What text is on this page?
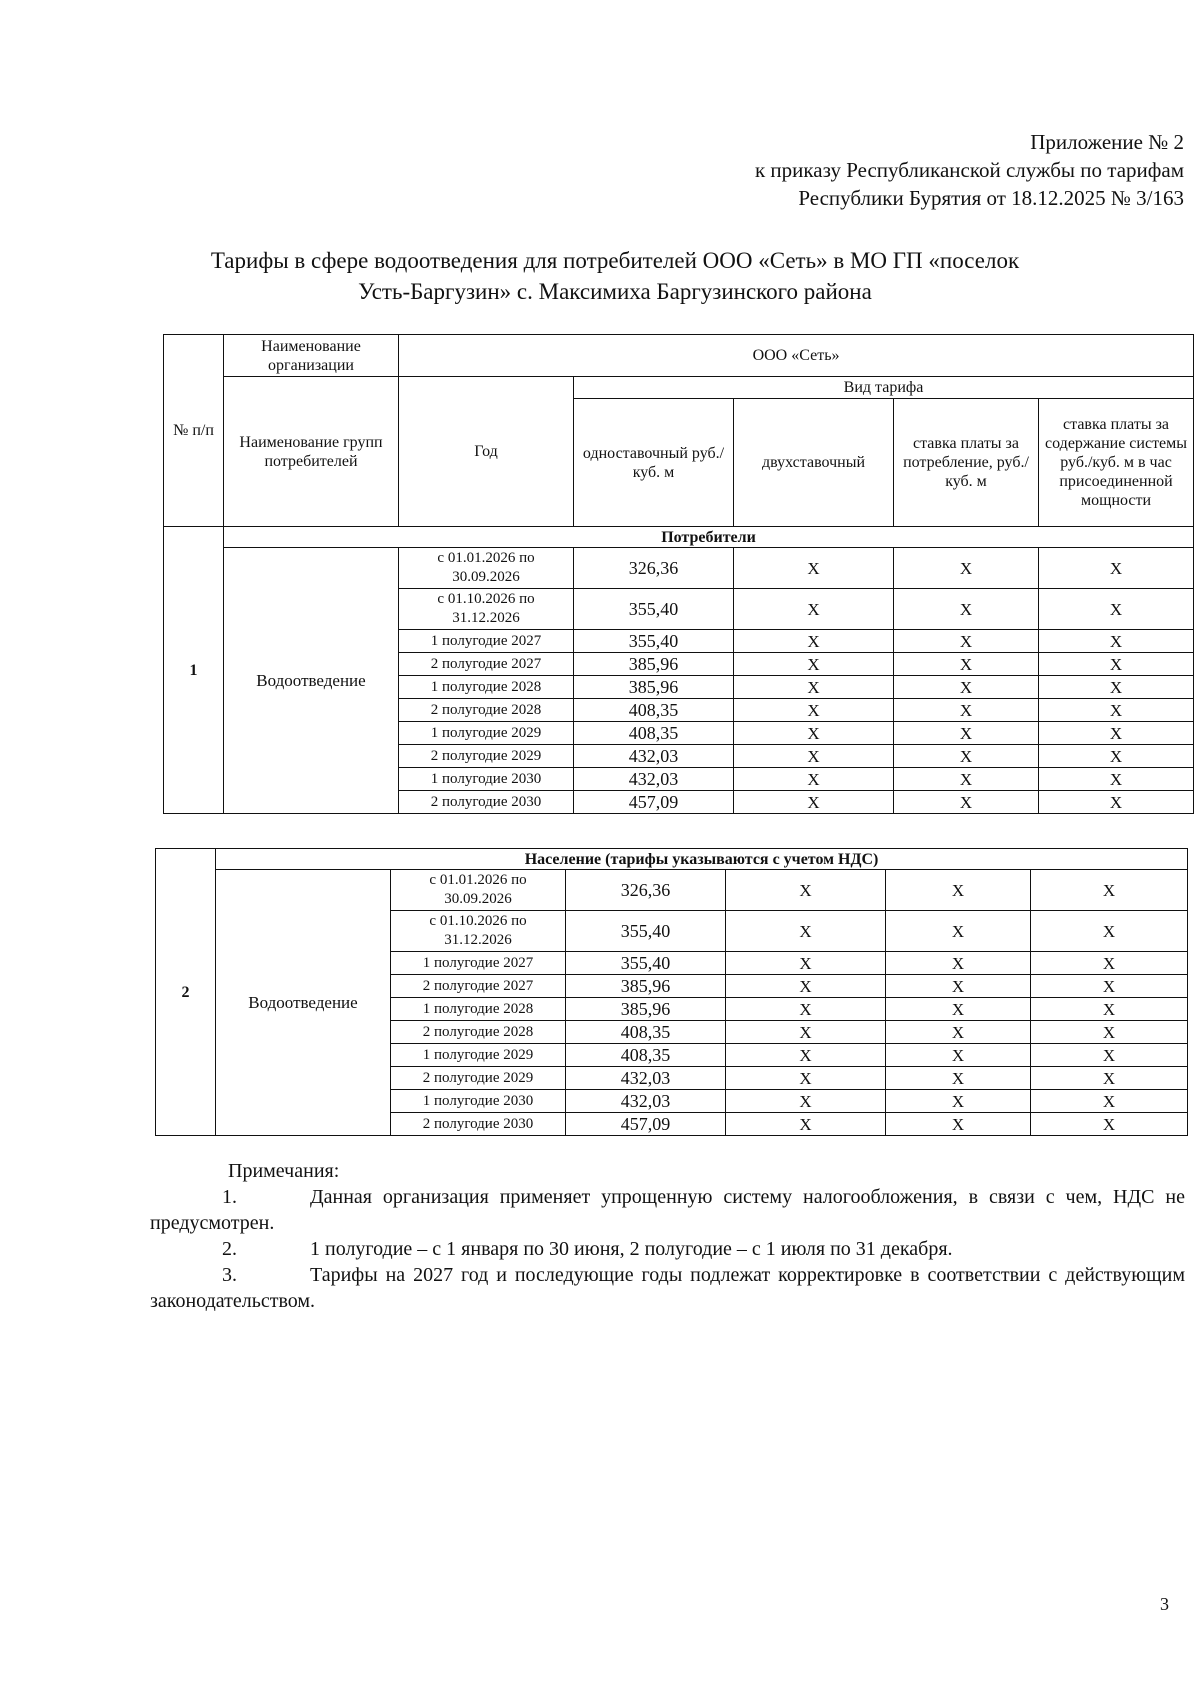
Приложение № 2
к приказу Республиканской службы по тарифам
Республики Бурятия от 18.12.2025 № 3/163
Тарифы в сфере водоотведения для потребителей ООО «Сеть» в МО ГП «поселок
Усть-Баргузин» с. Максимиха Баргузинского района
№ п/п	Наименование организации	ООО «Сеть»				
	Наименование групп потребителей	Год	Вид тарифа			
			одноставочный руб./ куб. м	двухставочный	ставка платы за потребление, руб./ куб. м	ставка платы за содержание системы руб./куб. м в час присоединенной мощности
1	Потребители					
	Водоотведение	с 01.01.2026 по 30.09.2026	326,36	Х	Х	Х
		с 01.10.2026 по 31.12.2026	355,40	Х	Х	Х
		1 полугодие 2027	355,40	Х	Х	Х
		2 полугодие 2027	385,96	Х	Х	Х
		1 полугодие 2028	385,96	Х	Х	Х
		2 полугодие 2028	408,35	Х	Х	Х
		1 полугодие 2029	408,35	Х	Х	Х
		2 полугодие 2029	432,03	Х	Х	Х
		1 полугодие 2030	432,03	Х	Х	Х
		2 полугодие 2030	457,09	Х	Х	Х
2	Население (тарифы указываются с учетом НДС)					
	Водоотведение	с 01.01.2026 по 30.09.2026	326,36	Х	Х	Х
		с 01.10.2026 по 31.12.2026	355,40	Х	Х	Х
		1 полугодие 2027	355,40	Х	Х	Х
		2 полугодие 2027	385,96	Х	Х	Х
		1 полугодие 2028	385,96	Х	Х	Х
		2 полугодие 2028	408,35	Х	Х	Х
		1 полугодие 2029	408,35	Х	Х	Х
		2 полугодие 2029	432,03	Х	Х	Х
		1 полугодие 2030	432,03	Х	Х	Х
		2 полугодие 2030	457,09	Х	Х	Х
Примечания:
1.	Данная организация применяет упрощенную систему налогообложения, в связи с чем, НДС не предусмотрен.
2.	1 полугодие – с 1 января по 30 июня, 2 полугодие – с 1 июля по 31 декабря.
3.	Тарифы на 2027 год и последующие годы подлежат корректировке в соответствии с действующим законодательством.
3
